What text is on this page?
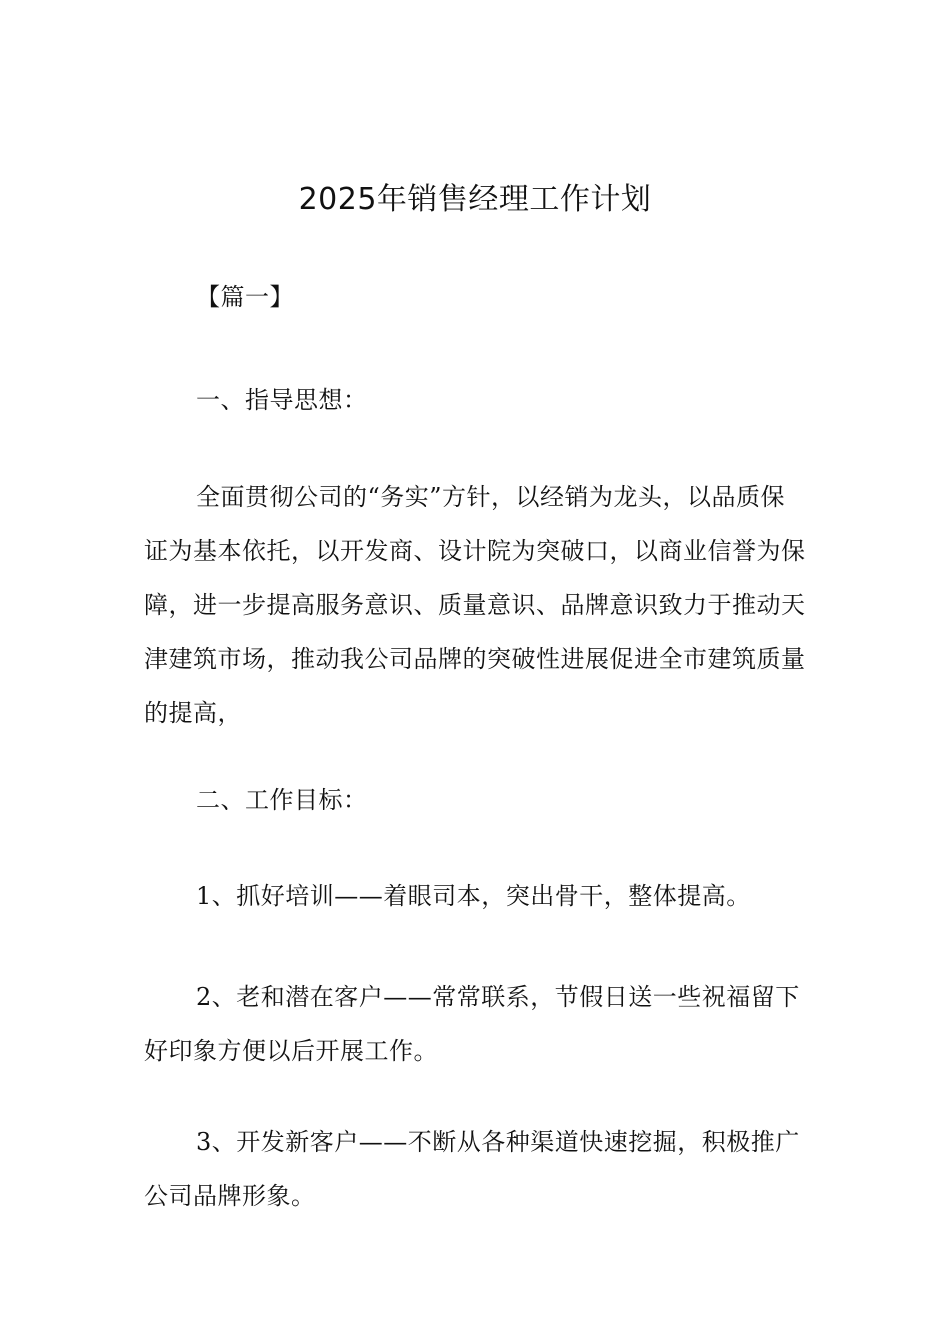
2025年销售经理工作计划

【篇一】

一、指导思想：

全面贯彻公司的“务实”方针，以经销为龙头，以品质保证为基本依托，以开发商、设计院为突破口，以商业信誉为保障，进一步提高服务意识、质量意识、品牌意识致力于推动天津建筑市场，推动我公司品牌的突破性进展促进全市建筑质量的提高，

二、工作目标：

1、抓好培训——着眼司本，突出骨干，整体提高。

2、老和潜在客户——常常联系，节假日送一些祝福留下好印象方便以后开展工作。

3、开发新客户——不断从各种渠道快速挖掘，积极推广公司品牌形象。
